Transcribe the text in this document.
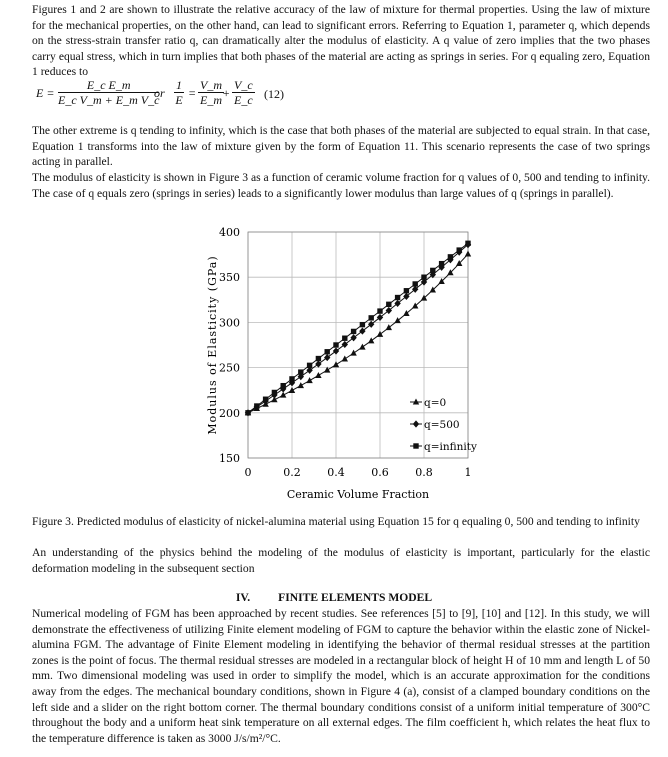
Figures 1 and 2 are shown to illustrate the relative accuracy of the law of mixture for thermal properties. Using the law of mixture for the mechanical properties, on the other hand, can lead to significant errors. Referring to Equation 1, parameter q, which depends on the stress-strain transfer ratio q, can dramatically alter the modulus of elasticity. A q value of zero implies that the two phases carry equal stress, which in turn implies that both phases of the material are acting as springs in series. For q equaling zero, Equation 1 reduces to

$E = \frac{\text{E\_c E\_m}}{\text{E\_c V\_m + E\_m V\_c}}$
or $\frac{1}{E} = \frac{V\_m}{E\_m}$
+ $\frac{V\_c}{E\_c} (12)$

The other extreme is q tending to infinity, which is the case that both phases of the material are subjected to equal strain. In that case, Equation 1 transforms into the law of mixture given by the form of Equation 11. This scenario represents the case of two springs acting in parallel.

The modulus of elasticity is shown in Figure 3 as a function of ceramic volume fraction for q values of 0, 500 and tending to infinity. The case of q equals zero (springs in series) leads to a significantly lower modulus than large values of q (springs in parallel).

150
200
250
300
350
400
0	0.2 0.4 0.6 0.8	1
Ceramic Volume Fraction
Modulus of Elasticity (GPa)	q=0
q=500
q=infinity
Figure 3. Predicted modulus of elasticity of nickel-alumina material using Equation 15 for q equaling 0, 500 and tending to infinity

An understanding of the physics behind the modeling of the modulus of elasticity is important, particularly for the elastic deformation modeling in the subsequent section

IV. FINITE ELEMENTS MODEL

Numerical modeling of FGM has been approached by recent studies. See references [5] to [9], [10] and [12]. In this study, we will demonstrate the effectiveness of utilizing Finite element modeling of FGM to capture the behavior within the elastic zone of Nickel-alumina FGM. The advantage of Finite Element modeling in identifying the behavior of thermal residual stresses at the partition zones is the point of focus. The thermal residual stresses are modeled in a rectangular block of height H of 10 mm and length L of 50 mm. Two dimensional modeling was used in order to simplify the model, which is an accurate approximation for the conditions away from the edges. The mechanical boundary conditions, shown in Figure 4 (a), consist of a clamped boundary conditions on the left side and a slider on the right bottom corner. The thermal boundary conditions consist of a uniform initial temperature of 300°C throughout the body and a uniform heat sink temperature on all external edges. The film coefficient h, which relates the heat flux to the temperature difference is taken as 3000 J/s/m²/°C.
